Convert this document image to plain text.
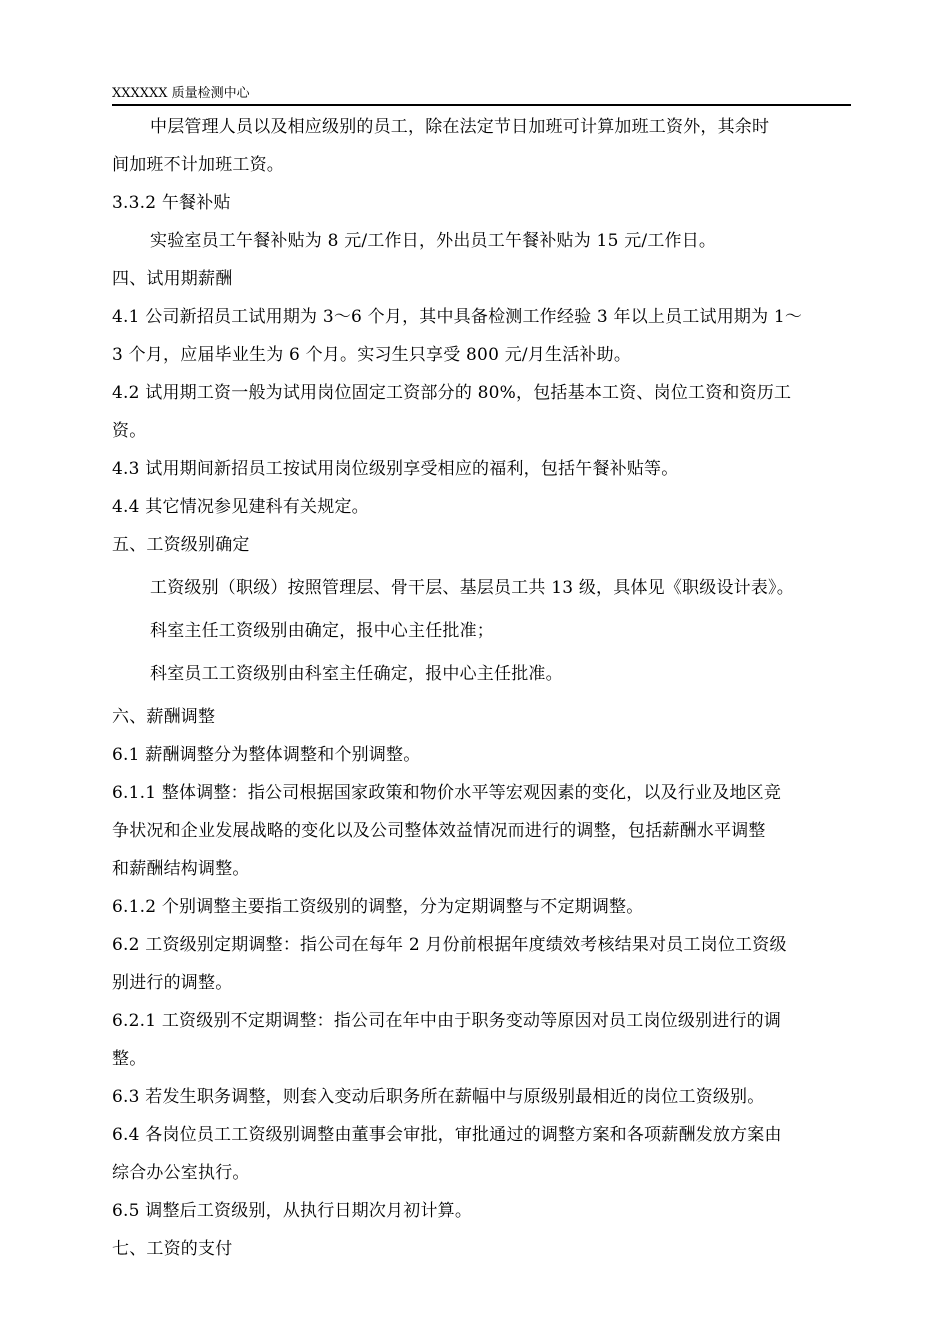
XXXXXX 质量检测中心

中层管理人员以及相应级别的员工，除在法定节日加班可计算加班工资外，其余时

间加班不计加班工资。

3.3.2 午餐补贴

实验室员工午餐补贴为 8 元/工作日，外出员工午餐补贴为 15 元/工作日。

四、试用期薪酬

4.1 公司新招员工试用期为 3～6 个月，其中具备检测工作经验 3 年以上员工试用期为 1～

3 个月，应届毕业生为 6 个月。实习生只享受 800 元/月生活补助。

4.2 试用期工资一般为试用岗位固定工资部分的 80%，包括基本工资、岗位工资和资历工

资。

4.3 试用期间新招员工按试用岗位级别享受相应的福利，包括午餐补贴等。

4.4 其它情况参见建科有关规定。

五、工资级别确定

工资级别（职级）按照管理层、骨干层、基层员工共 13 级，具体见《职级设计表》。

科室主任工资级别由确定，报中心主任批准；

科室员工工资级别由科室主任确定，报中心主任批准。

六、薪酬调整

6.1 薪酬调整分为整体调整和个别调整。

6.1.1 整体调整：指公司根据国家政策和物价水平等宏观因素的变化，以及行业及地区竞

争状况和企业发展战略的变化以及公司整体效益情况而进行的调整，包括薪酬水平调整

和薪酬结构调整。

6.1.2 个别调整主要指工资级别的调整，分为定期调整与不定期调整。

6.2 工资级别定期调整：指公司在每年 2 月份前根据年度绩效考核结果对员工岗位工资级

别进行的调整。

6.2.1 工资级别不定期调整：指公司在年中由于职务变动等原因对员工岗位级别进行的调

整。

6.3 若发生职务调整，则套入变动后职务所在薪幅中与原级别最相近的岗位工资级别。

6.4 各岗位员工工资级别调整由董事会审批，审批通过的调整方案和各项薪酬发放方案由

综合办公室执行。

6.5 调整后工资级别，从执行日期次月初计算。

七、工资的支付
